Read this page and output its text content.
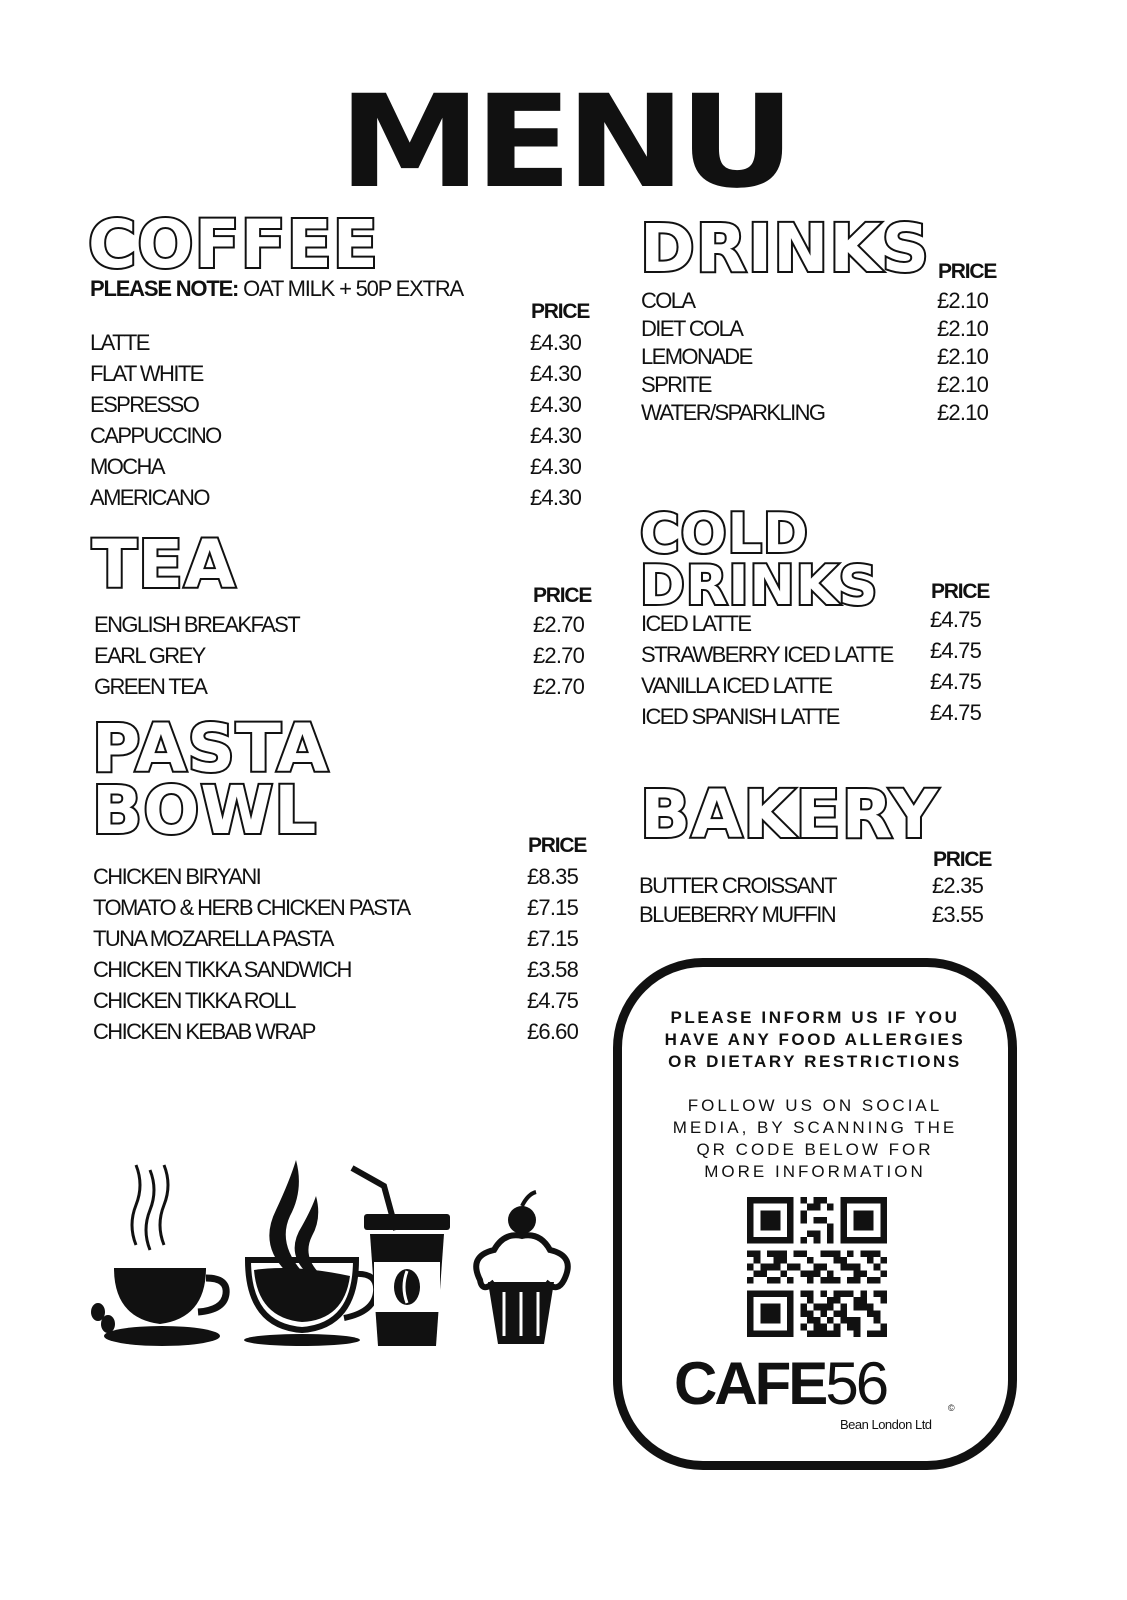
MENU
COFFEE
PLEASE NOTE: OAT MILK + 50P EXTRA
PRICE
LATTE	£4.30
FLAT WHITE	£4.30
ESPRESSO	£4.30
CAPPUCCINO	£4.30
MOCHA	£4.30
AMERICANO	£4.30
TEA	PRICE
ENGLISH BREAKFAST	£2.70
EARL GREY	£2.70
GREEN TEA	£2.70
PASTA
BOWL	PRICE
CHICKEN BIRYANI	£8.35
TOMATO & HERB CHICKEN PASTA	£7.15
TUNA MOZARELLA PASTA	£7.15
CHICKEN TIKKA SANDWICH	£3.58
CHICKEN TIKKA ROLL	£4.75
CHICKEN KEBAB WRAP	£6.60
DRINKS PRICE
COLA	£2.10
DIET COLA	£2.10
LEMONADE	£2.10
SPRITE	£2.10
WATER/SPARKLING	£2.10
COLD
DRINKS	PRICE
ICED LATTE	£4.75
STRAWBERRY ICED LATTE £4.75
VANILLA ICED LATTE	£4.75
ICED SPANISH LATTE	£4.75
BAKERY
PRICE
BUTTER CROISSANT	£2.35
BLUEBERRY MUFFIN	£3.55
PLEASE INFORM US IF YOU
HAVE ANY FOOD ALLERGIES
OR DIETARY RESTRICTIONS
FOLLOW US ON SOCIAL
MEDIA, BY SCANNING THE
QR CODE BELOW FOR
MORE INFORMATION
CAFE56	©
Bean London Ltd
